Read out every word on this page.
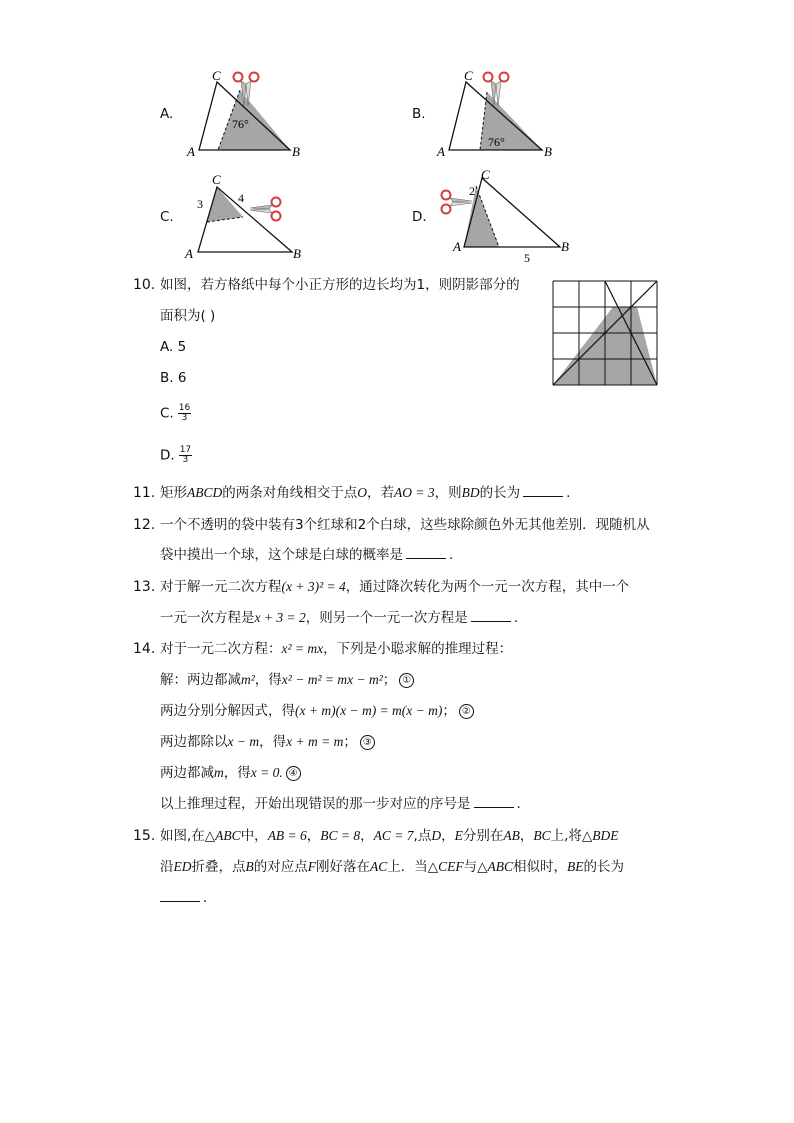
A.	B.
C.	D.
C
A	B
76°
C
A	B
76°
C
A	B
3	4
C
A	B
2
5
10. 如图，若方格纸中每个小正方形的边长均为1，则阴影部分的
面积为( )
A. 5
B. 6
C. $\frac{16}{3}$
D. $\frac{17}{3}$
11. 矩形ABCD的两条对角线相交于点O，若AO = 3，则BD的长为	.
12. 一个不透明的袋中装有3个红球和2个白球，这些球除颜色外无其他差别．现随机从
袋中摸出一个球，这个球是白球的概率是	.
13. 对于解一元二次方程(x + 3)² = 4，通过降次转化为两个一元一次方程，其中一个
一元一次方程是x + 3 = 2，则另一个一元一次方程是	.
14. 对于一元二次方程：x² = mx，下列是小聪求解的推理过程：
解：两边都减m²，得x² − m² = mx − m²； ①
两边分别分解因式，得(x + m)(x − m) = m(x − m)； ②
两边都除以x − m，得x + m = m； ③
两边都减m，得x = 0. ④
以上推理过程，开始出现错误的那一步对应的序号是	.
15. 如图,在△ABC中，AB = 6，BC = 8，AC = 7,点D，E分别在AB，BC上,将△BDE
沿ED折叠，点B的对应点F刚好落在AC上．当△CEF与△ABC相似时，BE的长为
.
